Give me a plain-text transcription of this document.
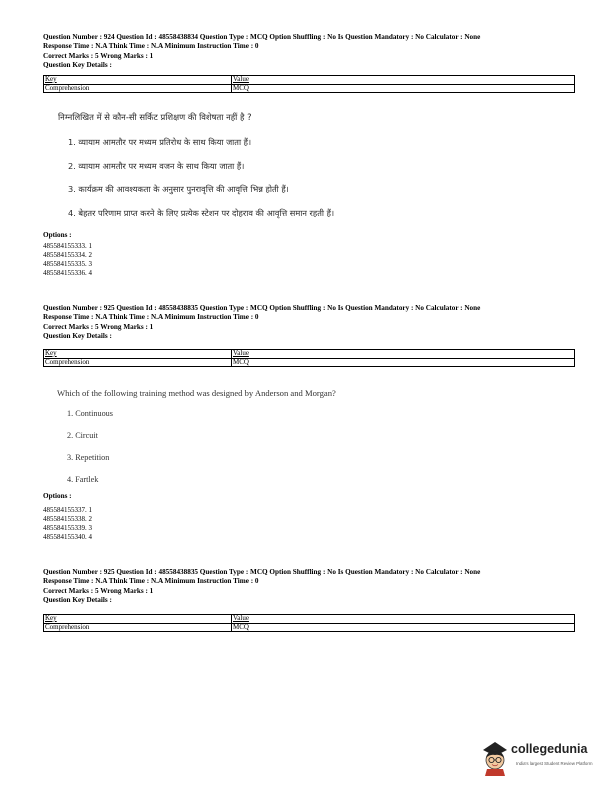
Question Number : 924 Question Id : 48558438834 Question Type : MCQ Option Shuffling : No Is Question Mandatory : No Calculator : None
Response Time : N.A Think Time : N.A Minimum Instruction Time : 0
Correct Marks : 5 Wrong Marks : 1
Question Key Details :
Key	Value
Comprehension	MCQ
निम्नलिखित में से कौन-सी सर्किट प्रशिक्षण की विशेषता नहीं है ?
1. व्यायाम आमतौर पर मध्यम प्रतिरोध के साथ किया जाता हैं।
2. व्यायाम आमतौर पर मध्यम वजन के साथ किया जाता हैं।
3. कार्यक्रम की आवश्यकता के अनुसार पुनरावृत्ति की आवृत्ति भिन्न होती हैं।
4. बेहतर परिणाम प्राप्त करने के लिए प्रत्येक स्टेशन पर दोहराव की आवृत्ति समान रहती हैं।
Options :
485584155333. 1
485584155334. 2
485584155335. 3
485584155336. 4
Question Number : 925 Question Id : 48558438835 Question Type : MCQ Option Shuffling : No Is Question Mandatory : No Calculator : None
Response Time : N.A Think Time : N.A Minimum Instruction Time : 0
Correct Marks : 5 Wrong Marks : 1
Question Key Details :
Key	Value
Comprehension	MCQ
Which of the following training method was designed by Anderson and Morgan?
1. Continuous
2. Circuit
3. Repetition
4. Fartlek
Options :
485584155337. 1
485584155338. 2
485584155339. 3
485584155340. 4
Question Number : 925 Question Id : 48558438835 Question Type : MCQ Option Shuffling : No Is Question Mandatory : No Calculator : None
Response Time : N.A Think Time : N.A Minimum Instruction Time : 0
Correct Marks : 5 Wrong Marks : 1
Question Key Details :
Key	Value
Comprehension	MCQ
collegedunia
India's largest Student Review Platform
